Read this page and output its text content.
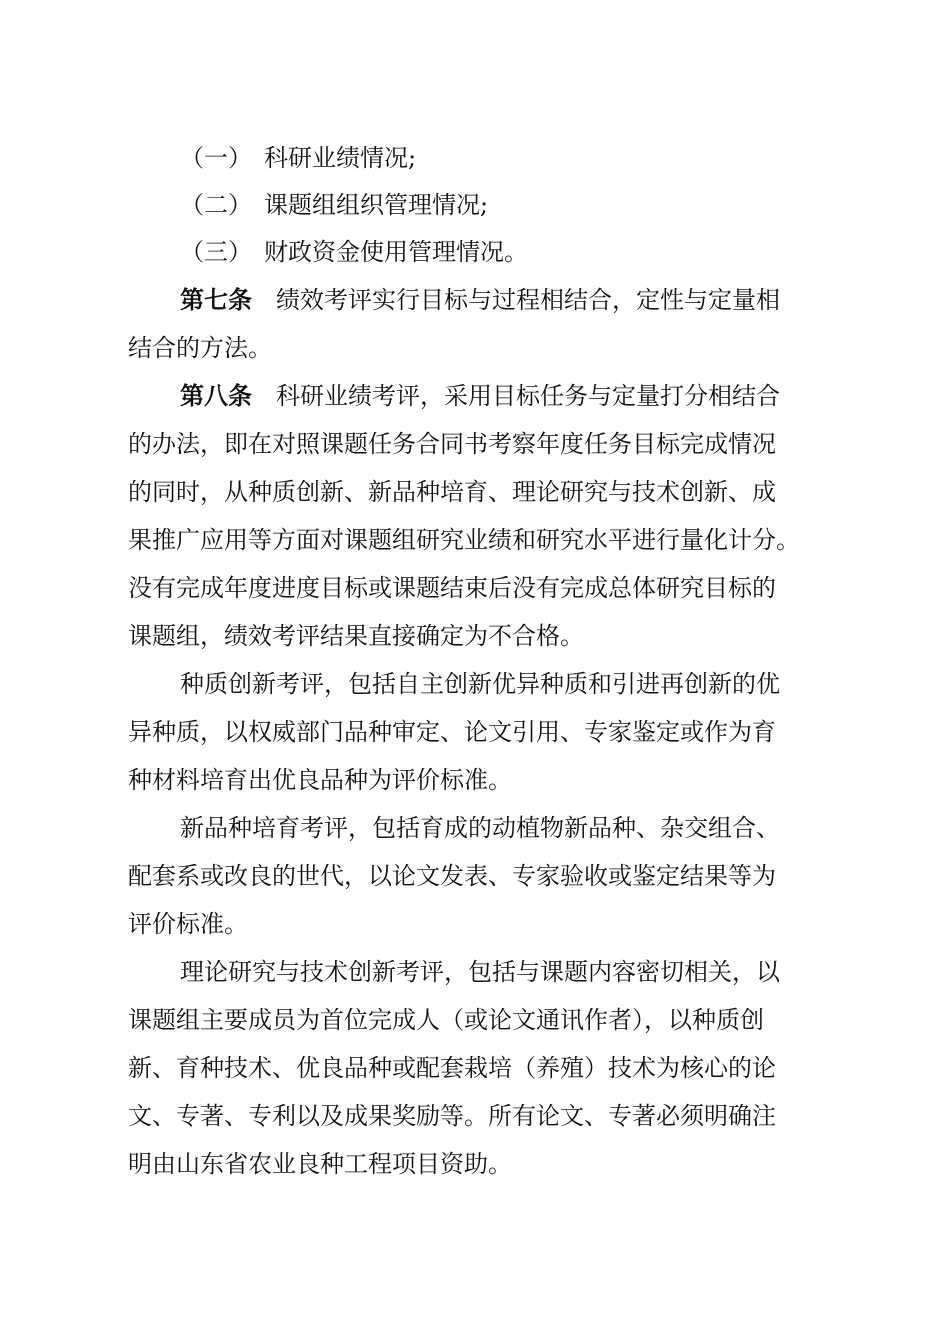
（一） 科研业绩情况;
（二） 课题组组织管理情况;
（三） 财政资金使用管理情况。
第七条  绩效考评实行目标与过程相结合，定性与定量相
结合的方法。
第八条  科研业绩考评，采用目标任务与定量打分相结合
的办法，即在对照课题任务合同书考察年度任务目标完成情况
的同时，从种质创新、新品种培育、理论研究与技术创新、成
果推广应用等方面对课题组研究业绩和研究水平进行量化计分。
没有完成年度进度目标或课题结束后没有完成总体研究目标的
课题组，绩效考评结果直接确定为不合格。
种质创新考评，包括自主创新优异种质和引进再创新的优
异种质，以权威部门品种审定、论文引用、专家鉴定或作为育
种材料培育出优良品种为评价标准。
新品种培育考评，包括育成的动植物新品种、杂交组合、
配套系或改良的世代，以论文发表、专家验收或鉴定结果等为
评价标准。
理论研究与技术创新考评，包括与课题内容密切相关，以
课题组主要成员为首位完成人（或论文通讯作者），以种质创
新、育种技术、优良品种或配套栽培（养殖）技术为核心的论
文、专著、专利以及成果奖励等。所有论文、专著必须明确注
明由山东省农业良种工程项目资助。
